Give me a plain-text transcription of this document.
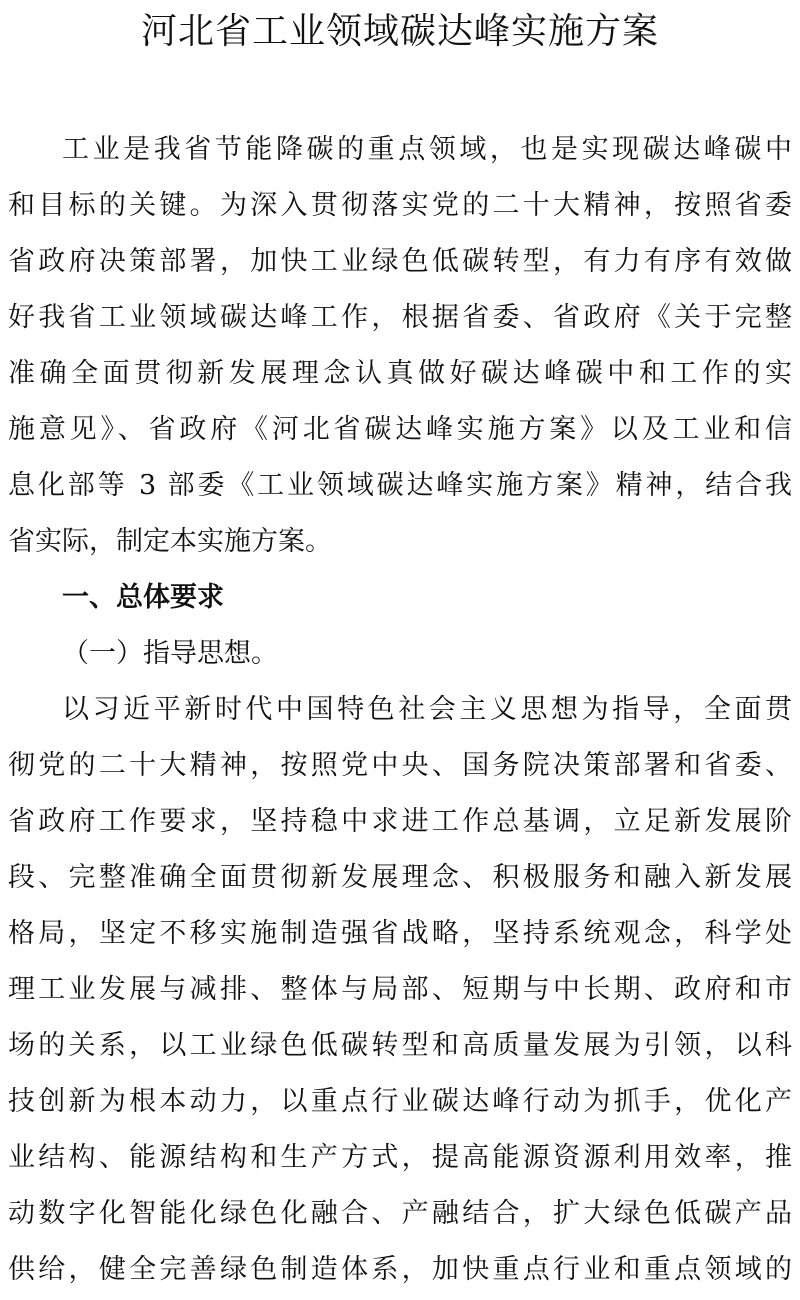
河北省工业领域碳达峰实施方案
工业是我省节能降碳的重点领域，也是实现碳达峰碳中
和目标的关键。为深入贯彻落实党的二十大精神，按照省委
省政府决策部署，加快工业绿色低碳转型，有力有序有效做
好我省工业领域碳达峰工作，根据省委、省政府《关于完整
准确全面贯彻新发展理念认真做好碳达峰碳中和工作的实
施意见》、省政府《河北省碳达峰实施方案》以及工业和信
息化部等 3 部委《工业领域碳达峰实施方案》精神，结合我
省实际，制定本实施方案。
一、总体要求
（一）指导思想。
以习近平新时代中国特色社会主义思想为指导，全面贯
彻党的二十大精神，按照党中央、国务院决策部署和省委、
省政府工作要求，坚持稳中求进工作总基调，立足新发展阶
段、完整准确全面贯彻新发展理念、积极服务和融入新发展
格局，坚定不移实施制造强省战略，坚持系统观念，科学处
理工业发展与减排、整体与局部、短期与中长期、政府和市
场的关系，以工业绿色低碳转型和高质量发展为引领，以科
技创新为根本动力，以重点行业碳达峰行动为抓手，优化产
业结构、能源结构和生产方式，提高能源资源利用效率，推
动数字化智能化绿色化融合、产融结合，扩大绿色低碳产品
供给，健全完善绿色制造体系，加快重点行业和重点领域的
